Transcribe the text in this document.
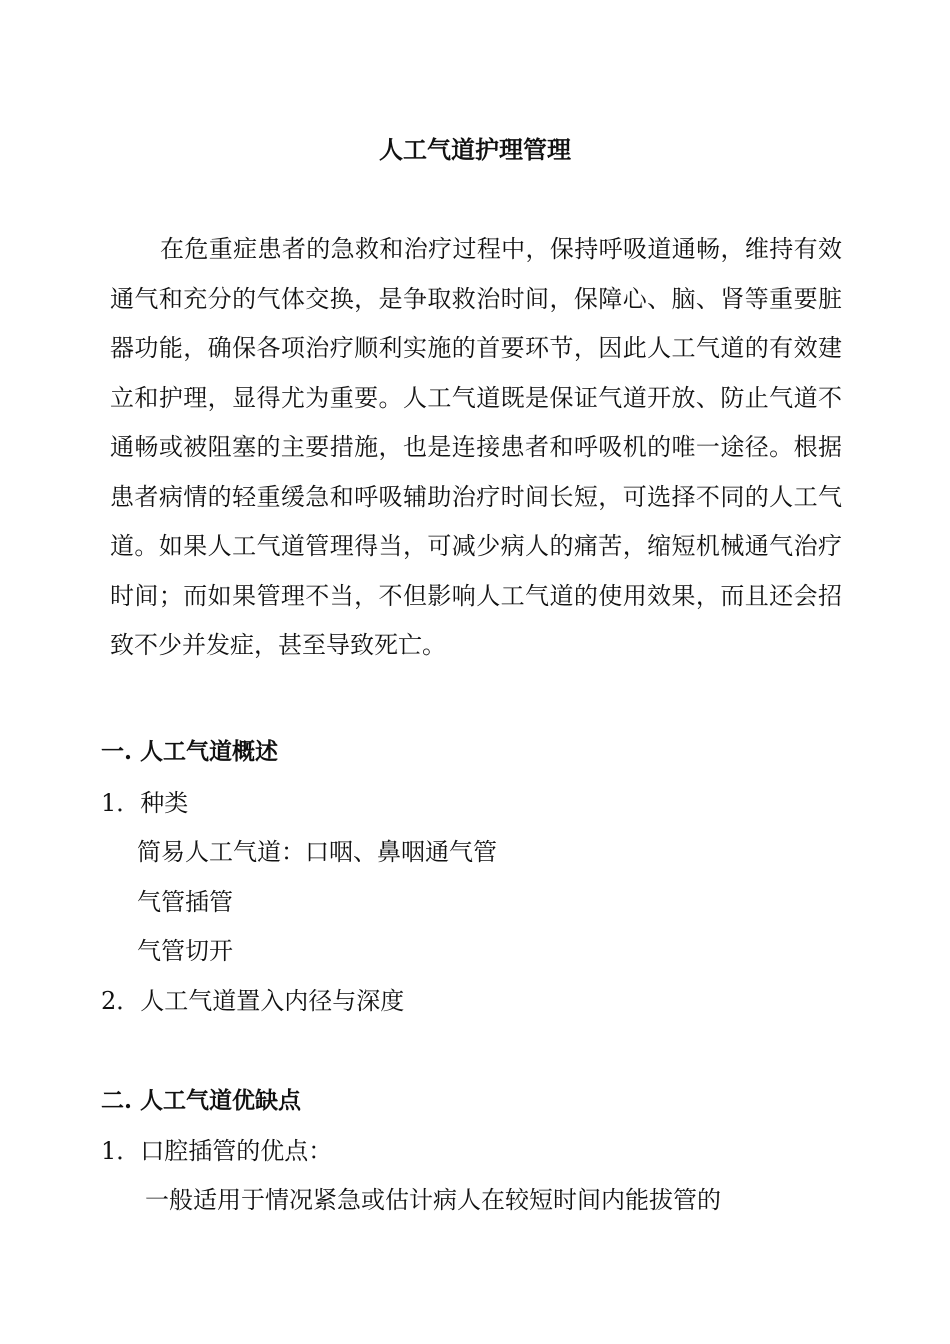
人工气道护理管理
在危重症患者的急救和治疗过程中，保持呼吸道通畅，维持有效通气和充分的气体交换，是争取救治时间，保障心、脑、肾等重要脏器功能，确保各项治疗顺利实施的首要环节，因此人工气道的有效建立和护理，显得尤为重要。人工气道既是保证气道开放、防止气道不通畅或被阻塞的主要措施，也是连接患者和呼吸机的唯一途径。根据患者病情的轻重缓急和呼吸辅助治疗时间长短，可选择不同的人工气道。如果人工气道管理得当，可减少病人的痛苦，缩短机械通气治疗时间；而如果管理不当，不但影响人工气道的使用效果，而且还会招致不少并发症，甚至导致死亡。
一. 人工气道概述
1．种类
简易人工气道：口咽、鼻咽通气管
气管插管
气管切开
2．人工气道置入内径与深度
二. 人工气道优缺点
1．口腔插管的优点：
一般适用于情况紧急或估计病人在较短时间内能拔管的
